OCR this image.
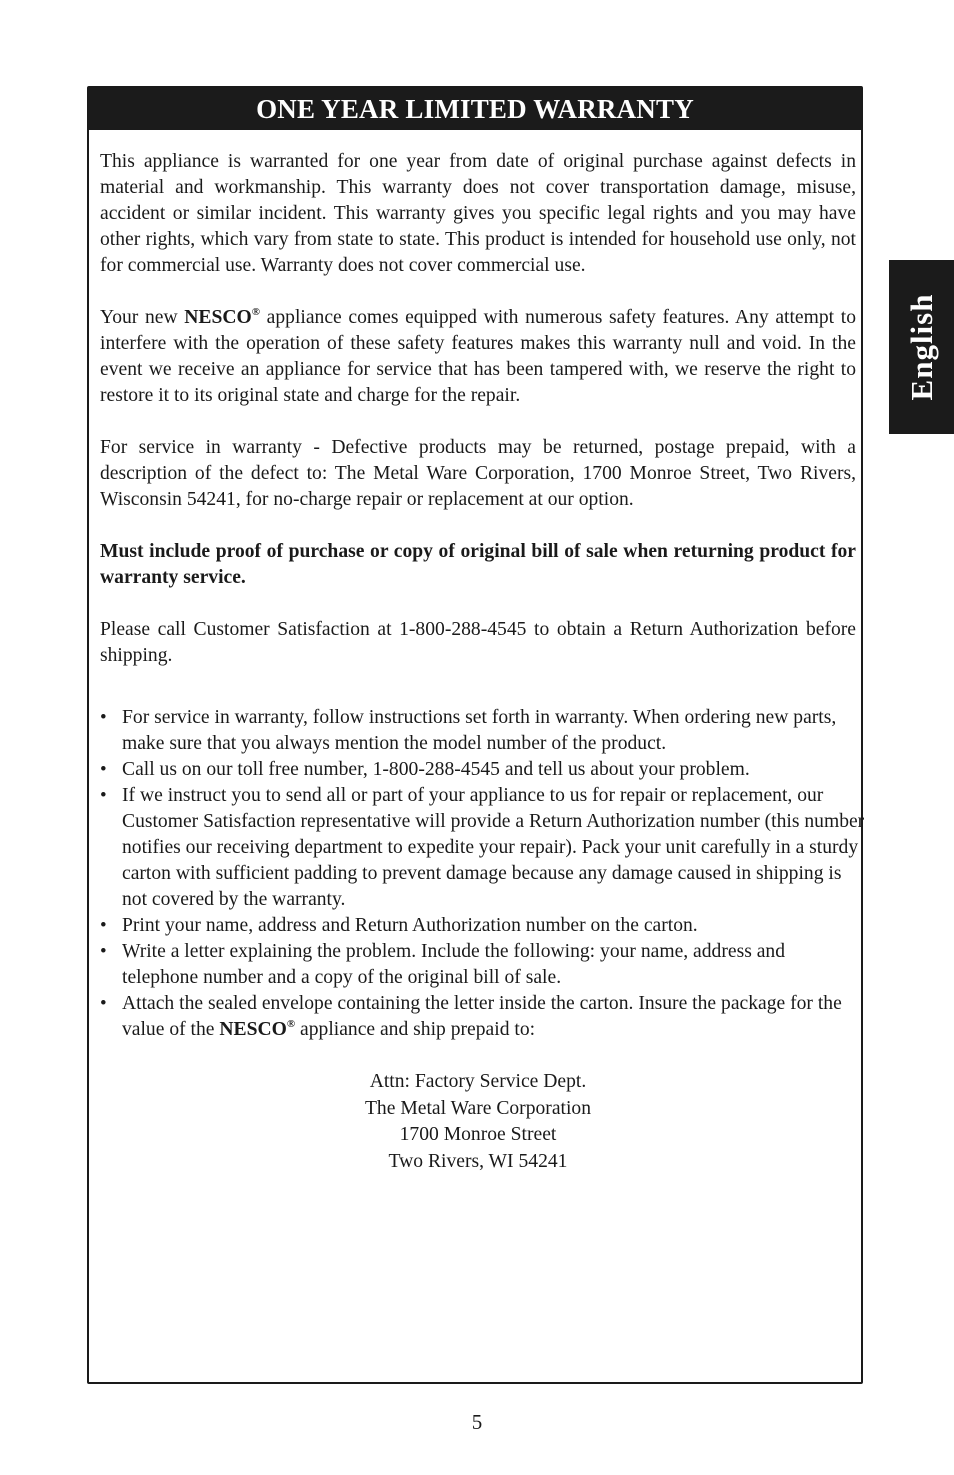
ONE YEAR LIMITED WARRANTY

This appliance is warranted for one year from date of original purchase against defects in material and workmanship. This warranty does not cover transportation damage, misuse, accident or similar incident. This warranty gives you specific legal rights and you may have other rights, which vary from state to state. This product is intended for household use only, not for commercial use. Warranty does not cover commercial use.

Your new NESCO® appliance comes equipped with numerous safety features. Any attempt to interfere with the operation of these safety features makes this warranty null and void. In the event we receive an appliance for service that has been tampered with, we reserve the right to restore it to its original state and charge for the repair.

For service in warranty - Defective products may be returned, postage prepaid, with a description of the defect to: The Metal Ware Corporation, 1700 Monroe Street, Two Rivers, Wisconsin 54241, for no-charge repair or replacement at our option.

Must include proof of purchase or copy of original bill of sale when returning product for warranty service.

Please call Customer Satisfaction at 1-800-288-4545 to obtain a Return Authorization before shipping.

• For service in warranty, follow instructions set forth in warranty. When ordering new parts, make sure that you always mention the model number of the product.
• Call us on our toll free number, 1-800-288-4545 and tell us about your problem.
• If we instruct you to send all or part of your appliance to us for repair or replacement, our Customer Satisfaction representative will provide a Return Authorization number (this number notifies our receiving department to expedite your repair). Pack your unit carefully in a sturdy carton with sufficient padding to prevent damage because any damage caused in shipping is not covered by the warranty.
• Print your name, address and Return Authorization number on the carton.
• Write a letter explaining the problem. Include the following: your name, address and telephone number and a copy of the original bill of sale.
• Attach the sealed envelope containing the letter inside the carton. Insure the package for the value of the NESCO® appliance and ship prepaid to:
Attn: Factory Service Dept.
The Metal Ware Corporation
1700 Monroe Street
Two Rivers, WI 54241
English
5
